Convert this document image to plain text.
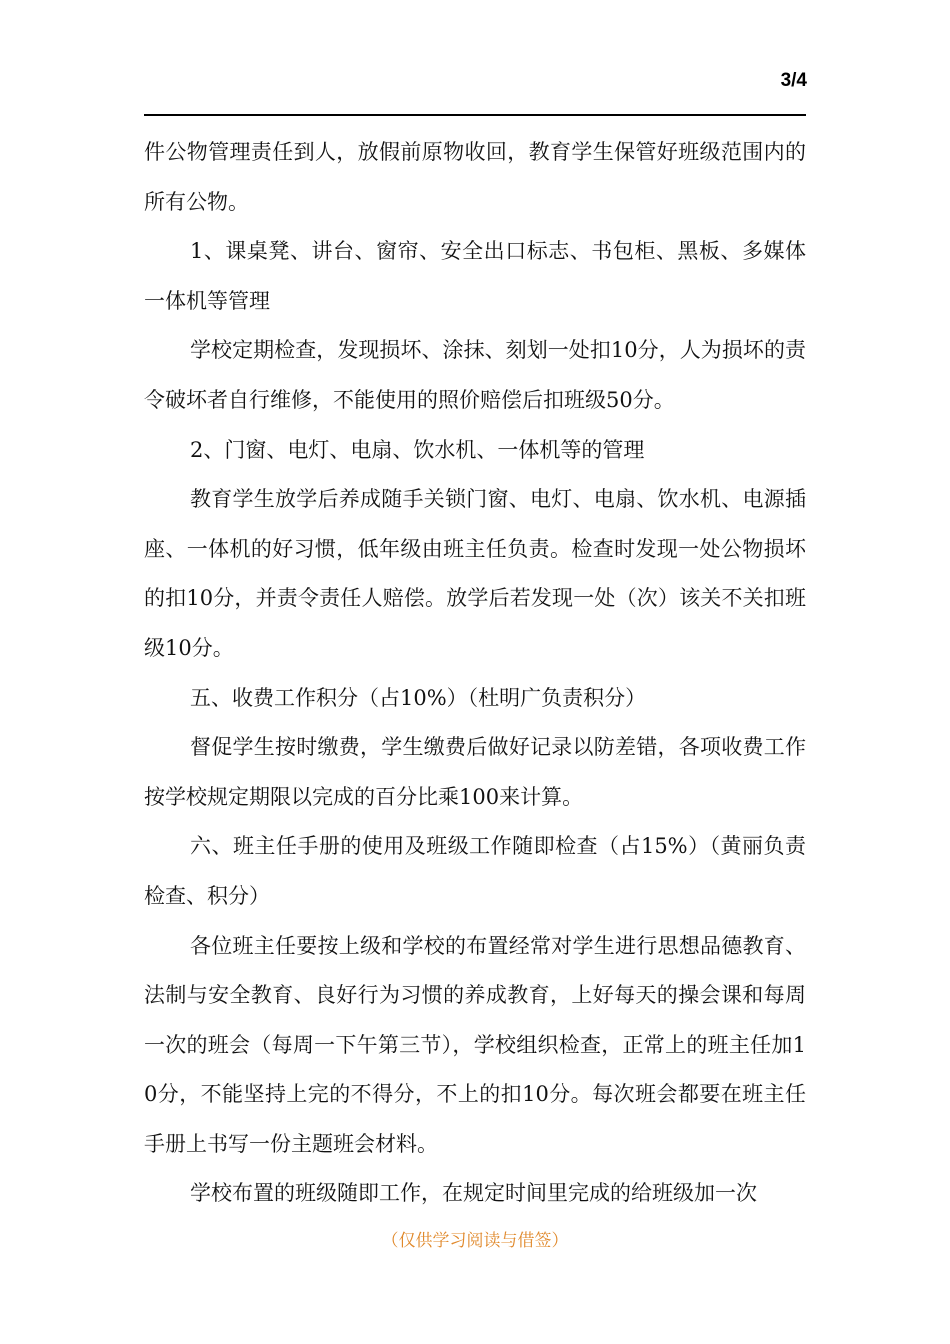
3/4

件公物管理责任到人，放假前原物收回，教育学生保管好班级范围内的所有公物。

1、课桌凳、讲台、窗帘、安全出口标志、书包柜、黑板、多媒体一体机等管理

学校定期检查，发现损坏、涂抹、刻划一处扣10分，人为损坏的责令破坏者自行维修，不能使用的照价赔偿后扣班级50分。

2、门窗、电灯、电扇、饮水机、一体机等的管理

教育学生放学后养成随手关锁门窗、电灯、电扇、饮水机、电源插座、一体机的好习惯，低年级由班主任负责。检查时发现一处公物损坏的扣10分，并责令责任人赔偿。放学后若发现一处（次）该关不关扣班级10分。

五、收费工作积分（占10%）（杜明广负责积分）

督促学生按时缴费，学生缴费后做好记录以防差错，各项收费工作按学校规定期限以完成的百分比乘100来计算。

六、班主任手册的使用及班级工作随即检查（占15%）（黄丽负责检查、积分）

各位班主任要按上级和学校的布置经常对学生进行思想品德教育、法制与安全教育、良好行为习惯的养成教育，上好每天的操会课和每周一次的班会（每周一下午第三节），学校组织检查，正常上的班主任加10分，不能坚持上完的不得分，不上的扣10分。每次班会都要在班主任手册上书写一份主题班会材料。

学校布置的班级随即工作，在规定时间里完成的给班级加一次

（仅供学习阅读与借签）
